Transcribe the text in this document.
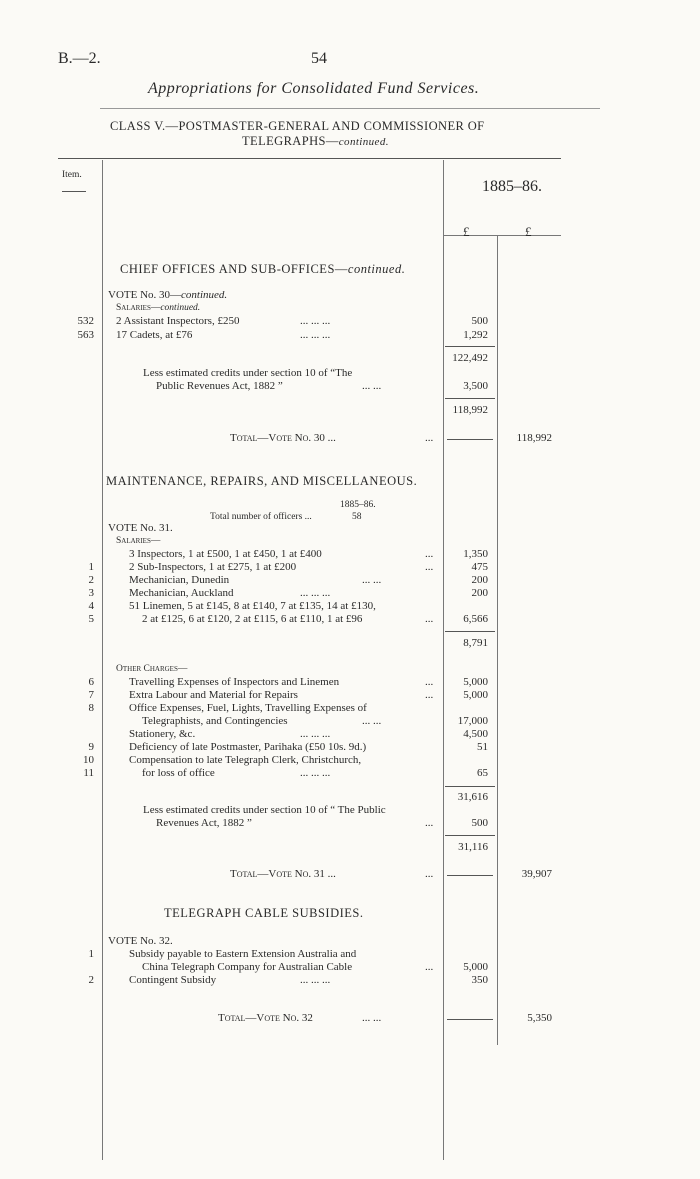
B.—2.	54
Appropriations for Consolidated Fund Services.
CLASS V.—POSTMASTER-GENERAL AND COMMISSIONER OF
TELEGRAPHS—continued.
Item.
1885–86.
£	£
CHIEF OFFICES AND SUB-OFFICES—continued.
VOTE No. 30—continued.
Salaries—continued.
532 2 Assistant Inspectors, £250	... ... ...	500
563 17 Cadets, at £76	... ... ...	1,292
122,492
Less estimated credits under section 10 of “The
Public Revenues Act, 1882 ”	... ...	3,500
118,992
Total—Vote No. 30 ...	...	118,992
MAINTENANCE, REPAIRS, AND MISCELLANEOUS.
1885–86.
Total number of officers ...	58
VOTE No. 31.
Salaries—
3 Inspectors, 1 at £500, 1 at £450, 1 at £400	...	1,350
1	2 Sub-Inspectors, 1 at £275, 1 at £200	...	475
2	Mechanician, Dunedin	... ...	200
3	Mechanician, Auckland	... ... ...	200
4	51 Linemen, 5 at £145, 8 at £140, 7 at £135, 14 at £130,
5	2 at £125, 6 at £120, 2 at £115, 6 at £110, 1 at £96	...	6,566
8,791
Other Charges—
6	Travelling Expenses of Inspectors and Linemen	...	5,000
7	Extra Labour and Material for Repairs	...	5,000
8	Office Expenses, Fuel, Lights, Travelling Expenses of
Telegraphists, and Contingencies	... ...	17,000
Stationery, &c.	... ... ...	4,500
9	Deficiency of late Postmaster, Parihaka (£50 10s. 9d.)	51
10	Compensation to late Telegraph Clerk, Christchurch,
11	for loss of office	... ... ...	65
31,616
Less estimated credits under section 10 of “ The Public
Revenues Act, 1882 ”	...	500
31,116
Total—Vote No. 31 ...	...	39,907
TELEGRAPH CABLE SUBSIDIES.
VOTE No. 32.
1	Subsidy payable to Eastern Extension Australia and
China Telegraph Company for Australian Cable	...	5,000
2	Contingent Subsidy	... ... ...	350
Total—Vote No. 32	... ...	5,350
